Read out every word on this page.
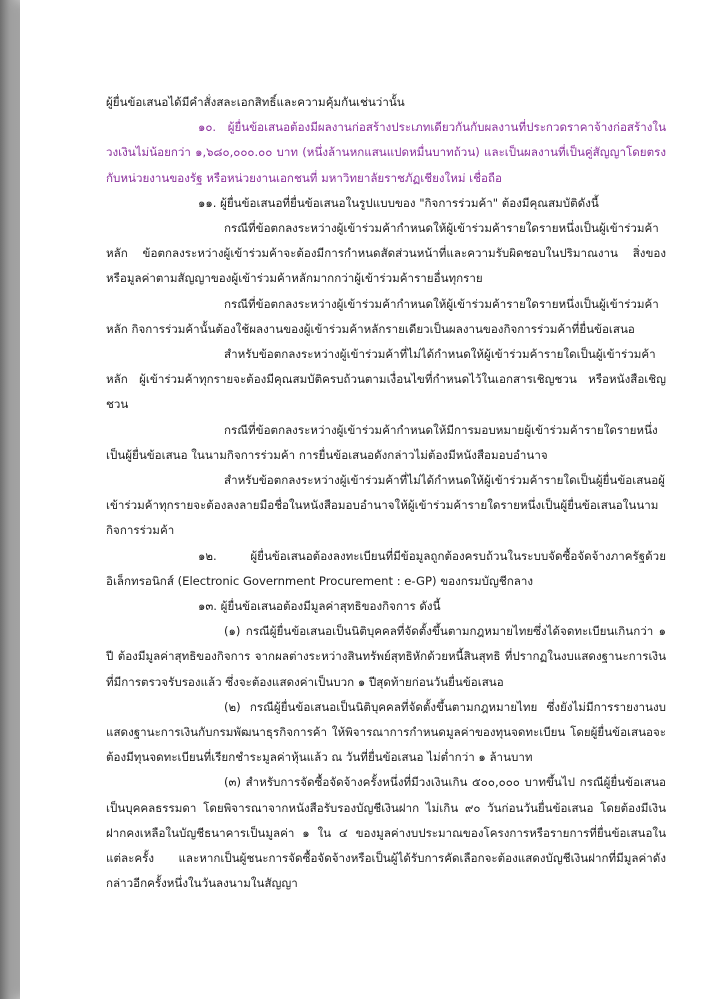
ผู้ยื่นข้อเสนอได้มีคำสั่งสละเอกสิทธิ์และความคุ้มกันเช่นว่านั้น

๑๐. ผู้ยื่นข้อเสนอต้องมีผลงานก่อสร้างประเภทเดียวกันกับผลงานที่ประกวดราคาจ้างก่อสร้างในวงเงินไม่น้อยกว่า ๑,๖๘๐,๐๐๐.๐๐ บาท (หนึ่งล้านหกแสนแปดหมื่นบาทถ้วน) และเป็นผลงานที่เป็นคู่สัญญาโดยตรงกับหน่วยงานของรัฐ หรือหน่วยงานเอกชนที่ มหาวิทยาลัยราชภัฏเชียงใหม่ เชื่อถือ

๑๑. ผู้ยื่นข้อเสนอที่ยื่นข้อเสนอในรูปแบบของ "กิจการร่วมค้า" ต้องมีคุณสมบัติดังนี้

กรณีที่ข้อตกลงระหว่างผู้เข้าร่วมค้ากำหนดให้ผู้เข้าร่วมค้ารายใดรายหนึ่งเป็นผู้เข้าร่วมค้าหลัก ข้อตกลงระหว่างผู้เข้าร่วมค้าจะต้องมีการกำหนดสัดส่วนหน้าที่และความรับผิดชอบในปริมาณงาน สิ่งของ หรือมูลค่าตามสัญญาของผู้เข้าร่วมค้าหลักมากกว่าผู้เข้าร่วมค้ารายอื่นทุกราย

กรณีที่ข้อตกลงระหว่างผู้เข้าร่วมค้ากำหนดให้ผู้เข้าร่วมค้ารายใดรายหนึ่งเป็นผู้เข้าร่วมค้าหลัก กิจการร่วมค้านั้นต้องใช้ผลงานของผู้เข้าร่วมค้าหลักรายเดียวเป็นผลงานของกิจการร่วมค้าที่ยื่นข้อเสนอ

สำหรับข้อตกลงระหว่างผู้เข้าร่วมค้าที่ไม่ได้กำหนดให้ผู้เข้าร่วมค้ารายใดเป็นผู้เข้าร่วมค้าหลัก ผู้เข้าร่วมค้าทุกรายจะต้องมีคุณสมบัติครบถ้วนตามเงื่อนไขที่กำหนดไว้ในเอกสารเชิญชวน หรือหนังสือเชิญชวน

กรณีที่ข้อตกลงระหว่างผู้เข้าร่วมค้ากำหนดให้มีการมอบหมายผู้เข้าร่วมค้ารายใดรายหนึ่งเป็นผู้ยื่นข้อเสนอ ในนามกิจการร่วมค้า การยื่นข้อเสนอดังกล่าวไม่ต้องมีหนังสือมอบอำนาจ

สำหรับข้อตกลงระหว่างผู้เข้าร่วมค้าที่ไม่ได้กำหนดให้ผู้เข้าร่วมค้ารายใดเป็นผู้ยื่นข้อเสนอผู้เข้าร่วมค้าทุกรายจะต้องลงลายมือชื่อในหนังสือมอบอำนาจให้ผู้เข้าร่วมค้ารายใดรายหนึ่งเป็นผู้ยื่นข้อเสนอในนามกิจการร่วมค้า

๑๒. ผู้ยื่นข้อเสนอต้องลงทะเบียนที่มีข้อมูลถูกต้องครบถ้วนในระบบจัดซื้อจัดจ้างภาครัฐด้วยอิเล็กทรอนิกส์ (Electronic Government Procurement : e-GP) ของกรมบัญชีกลาง

๑๓. ผู้ยื่นข้อเสนอต้องมีมูลค่าสุทธิของกิจการ ดังนี้

(๑) กรณีผู้ยื่นข้อเสนอเป็นนิติบุคคลที่จัดตั้งขึ้นตามกฎหมายไทยซึ่งได้จดทะเบียนเกินกว่า ๑ ปี ต้องมีมูลค่าสุทธิของกิจการ จากผลต่างระหว่างสินทรัพย์สุทธิหักด้วยหนี้สินสุทธิ ที่ปรากฏในงบแสดงฐานะการเงินที่มีการตรวจรับรองแล้ว ซึ่งจะต้องแสดงค่าเป็นบวก ๑ ปีสุดท้ายก่อนวันยื่นข้อเสนอ

(๒) กรณีผู้ยื่นข้อเสนอเป็นนิติบุคคลที่จัดตั้งขึ้นตามกฎหมายไทย ซึ่งยังไม่มีการรายงานงบแสดงฐานะการเงินกับกรมพัฒนาธุรกิจการค้า ให้พิจารณาการกำหนดมูลค่าของทุนจดทะเบียน โดยผู้ยื่นข้อเสนอจะต้องมีทุนจดทะเบียนที่เรียกชำระมูลค่าหุ้นแล้ว ณ วันที่ยื่นข้อเสนอ ไม่ต่ำกว่า ๑ ล้านบาท

(๓) สำหรับการจัดซื้อจัดจ้างครั้งหนึ่งที่มีวงเงินเกิน ๕๐๐,๐๐๐ บาทขึ้นไป กรณีผู้ยื่นข้อเสนอเป็นบุคคลธรรมดา โดยพิจารณาจากหนังสือรับรองบัญชีเงินฝาก ไม่เกิน ๙๐ วันก่อนวันยื่นข้อเสนอ โดยต้องมีเงินฝากคงเหลือในบัญชีธนาคารเป็นมูลค่า ๑ ใน ๔ ของมูลค่างบประมาณของโครงการหรือรายการที่ยื่นข้อเสนอในแต่ละครั้ง และหากเป็นผู้ชนะการจัดซื้อจัดจ้างหรือเป็นผู้ได้รับการคัดเลือกจะต้องแสดงบัญชีเงินฝากที่มีมูลค่าดังกล่าวอีกครั้งหนึ่งในวันลงนามในสัญญา
